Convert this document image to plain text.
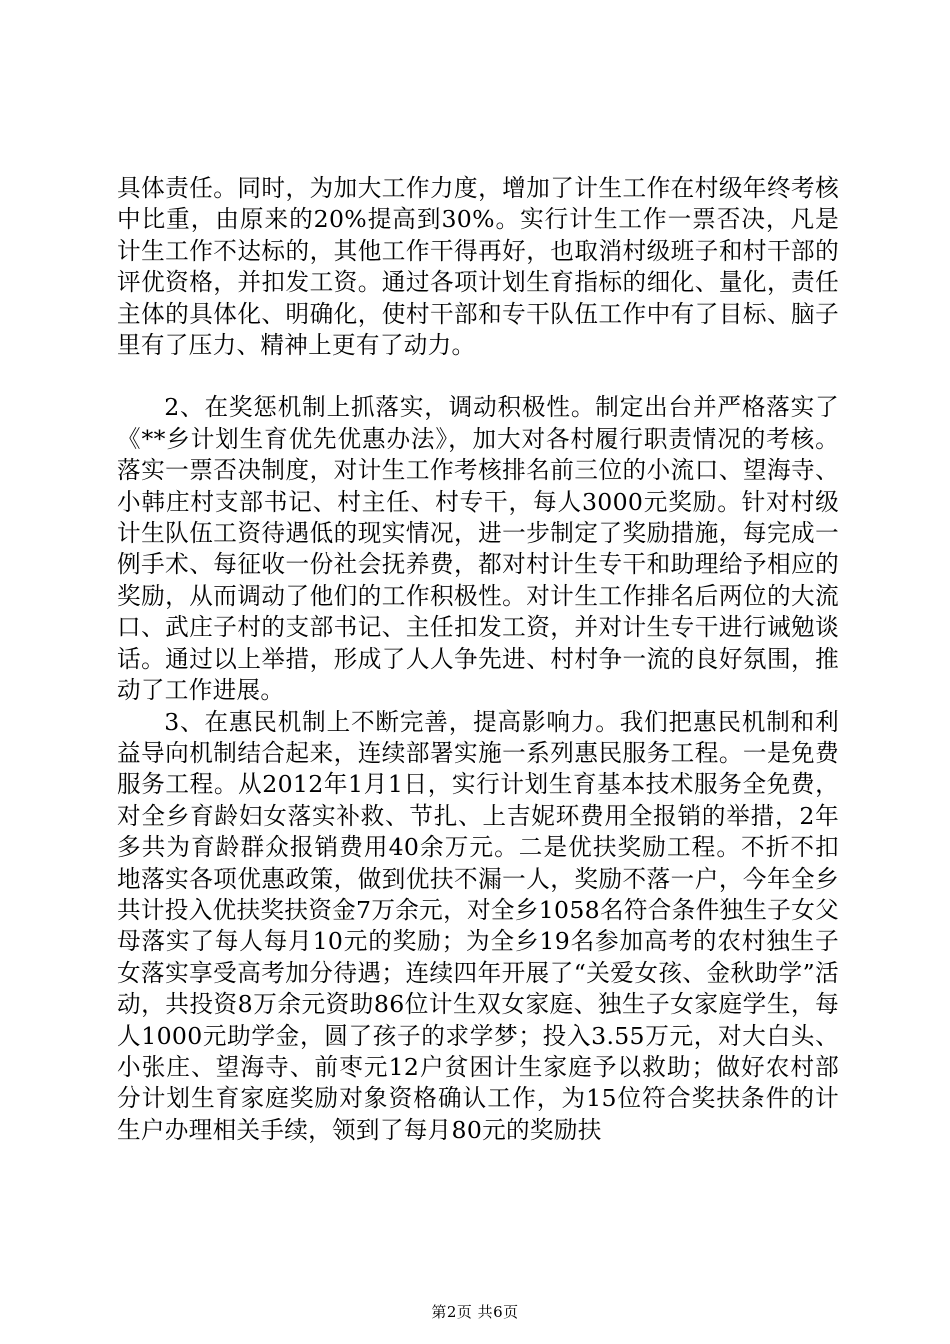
具体责任。同时，为加大工作力度，增加了计生工作在村级年终考核中比重，由原来的20%提高到30%。实行计生工作一票否决，凡是计生工作不达标的，其他工作干得再好，也取消村级班子和村干部的评优资格，并扣发工资。通过各项计划生育指标的细化、量化，责任主体的具体化、明确化，使村干部和专干队伍工作中有了目标、脑子里有了压力、精神上更有了动力。

2、在奖惩机制上抓落实，调动积极性。制定出台并严格落实了《**乡计划生育优先优惠办法》，加大对各村履行职责情况的考核。落实一票否决制度，对计生工作考核排名前三位的小流口、望海寺、小韩庄村支部书记、村主任、村专干，每人3000元奖励。针对村级计生队伍工资待遇低的现实情况，进一步制定了奖励措施，每完成一例手术、每征收一份社会抚养费，都对村计生专干和助理给予相应的奖励，从而调动了他们的工作积极性。对计生工作排名后两位的大流口、武庄子村的支部书记、主任扣发工资，并对计生专干进行诫勉谈话。通过以上举措，形成了人人争先进、村村争一流的良好氛围，推动了工作进展。

3、在惠民机制上不断完善，提高影响力。我们把惠民机制和利益导向机制结合起来，连续部署实施一系列惠民服务工程。一是免费服务工程。从2012年1月1日，实行计划生育基本技术服务全免费，对全乡育龄妇女落实补救、节扎、上吉妮环费用全报销的举措，2年多共为育龄群众报销费用40余万元。二是优扶奖励工程。不折不扣地落实各项优惠政策，做到优扶不漏一人，奖励不落一户，今年全乡共计投入优扶奖扶资金7万余元，对全乡1058名符合条件独生子女父母落实了每人每月10元的奖励；为全乡19名参加高考的农村独生子女落实享受高考加分待遇；连续四年开展了“关爱女孩、金秋助学”活动，共投资8万余元资助86位计生双女家庭、独生子女家庭学生，每人1000元助学金，圆了孩子的求学梦；投入3.55万元，对大白头、小张庄、望海寺、前枣元12户贫困计生家庭予以救助；做好农村部分计划生育家庭奖励对象资格确认工作，为15位符合奖扶条件的计生户办理相关手续，领到了每月80元的奖励扶

第2页 共6页
